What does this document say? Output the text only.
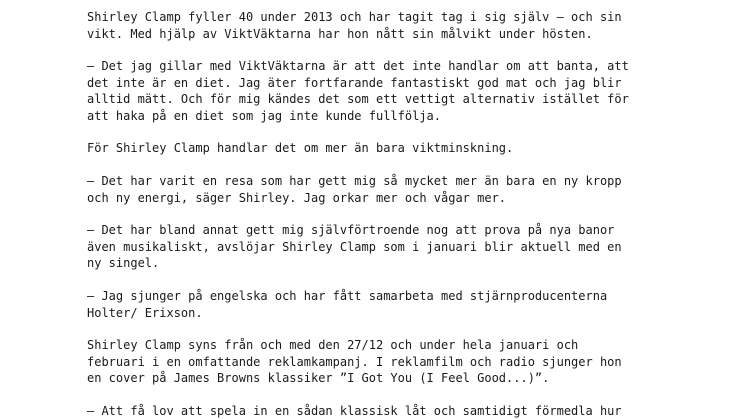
Shirley Clamp fyller 40 under 2013 och har tagit tag i sig själv – och sin
vikt. Med hjälp av ViktVäktarna har hon nått sin målvikt under hösten.

– Det jag gillar med ViktVäktarna är att det inte handlar om att banta, att
det inte är en diet. Jag äter fortfarande fantastiskt god mat och jag blir
alltid mätt. Och för mig kändes det som ett vettigt alternativ istället för
att haka på en diet som jag inte kunde fullfölja.

För Shirley Clamp handlar det om mer än bara viktminskning.

– Det har varit en resa som har gett mig så mycket mer än bara en ny kropp
och ny energi, säger Shirley. Jag orkar mer och vågar mer.

– Det har bland annat gett mig självförtroende nog att prova på nya banor
även musikaliskt, avslöjar Shirley Clamp som i januari blir aktuell med en
ny singel.

– Jag sjunger på engelska och har fått samarbeta med stjärnproducenterna
Holter/ Erixson.

Shirley Clamp syns från och med den 27/12 och under hela januari och
februari i en omfattande reklamkampanj. I reklamfilm och radio sjunger hon
en cover på James Browns klassiker ”I Got You (I Feel Good...)”.

– Att få lov att spela in en sådan klassisk låt och samtidigt förmedla hur
